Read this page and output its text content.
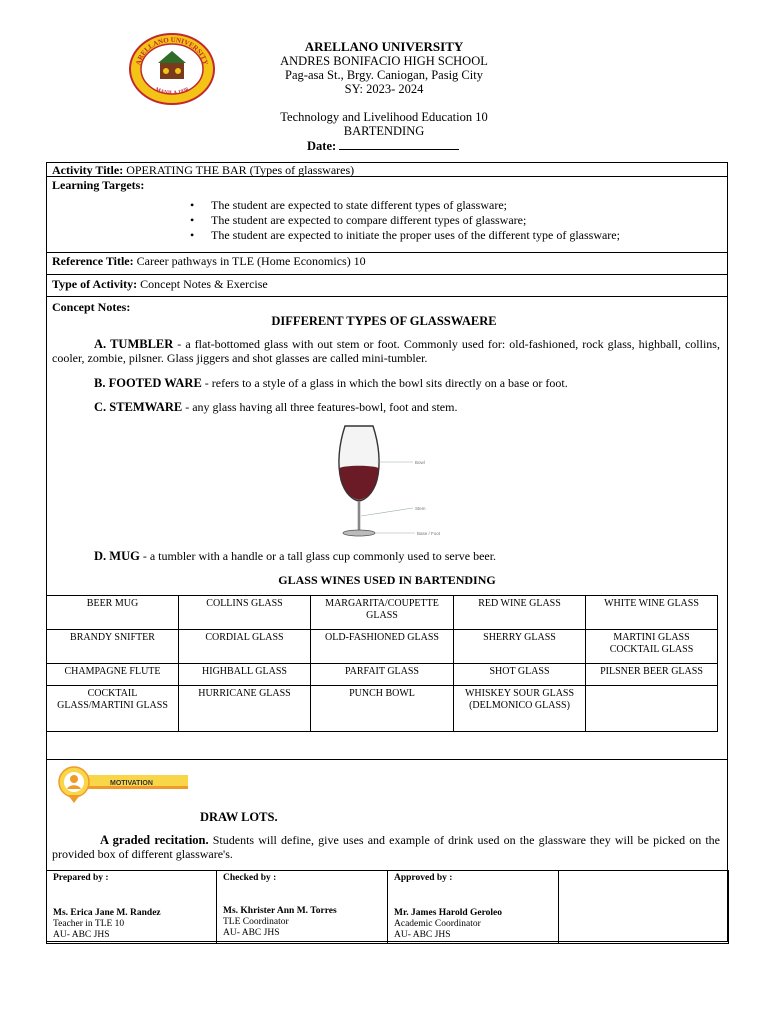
ARELLANO UNIVERSITY
MANILA 1938
ARELLANO UNIVERSITY
ANDRES BONIFACIO HIGH SCHOOL
Pag-asa St., Brgy. Caniogan, Pasig City
SY: 2023- 2024
Technology and Livelihood Education 10
BARTENDING
Date:
Activity Title: OPERATING THE BAR (Types of glasswares)
Learning Targets:
• The student are expected to state different types of glassware;
• The student are expected to compare different types of glassware;
• The student are expected to initiate the proper uses of the different type of glassware;
Reference Title: Career pathways in TLE (Home Economics) 10
Type of Activity: Concept Notes & Exercise
Concept Notes:
DIFFERENT TYPES OF GLASSWAERE
A. TUMBLER - a flat-bottomed glass with out stem or foot. Commonly used for: old-fashioned, rock glass, highball, collins, cooler, zombie, pilsner. Glass jiggers and shot glasses are called mini-tumbler.
B. FOOTED WARE - refers to a style of a glass in which the bowl sits directly on a base or foot.
C. STEMWARE - any glass having all three features-bowl, foot and stem.
Bowl
Stem
Base / Foot
D. MUG - a tumbler with a handle or a tall glass cup commonly used to serve beer.
GLASS WINES USED IN BARTENDING
BEER MUG	COLLINS GLASS	MARGARITA/COUPETTE GLASS	RED WINE GLASS	WHITE WINE GLASS
BRANDY SNIFTER	CORDIAL GLASS	OLD-FASHIONED GLASS	SHERRY GLASS	MARTINI GLASS COCKTAIL GLASS
CHAMPAGNE FLUTE	HIGHBALL GLASS	PARFAIT GLASS	SHOT GLASS	PILSNER BEER GLASS
COCKTAIL GLASS/MARTINI GLASS	HURRICANE GLASS	PUNCH BOWL	WHISKEY SOUR GLASS (DELMONICO GLASS)	
MOTIVATION
DRAW LOTS.
A graded recitation. Students will define, give uses and example of drink used on the glassware they will be picked on the provided box of different glassware's.
Prepared by :
Ms. Erica Jane M. Randez
Teacher in TLE 10
AU- ABC JHS

Checked by :
Ms. Khrister Ann M. Torres
TLE Coordinator
AU- ABC JHS

Approved by :
Mr. James Harold Geroleo
Academic Coordinator
AU- ABC JHS
